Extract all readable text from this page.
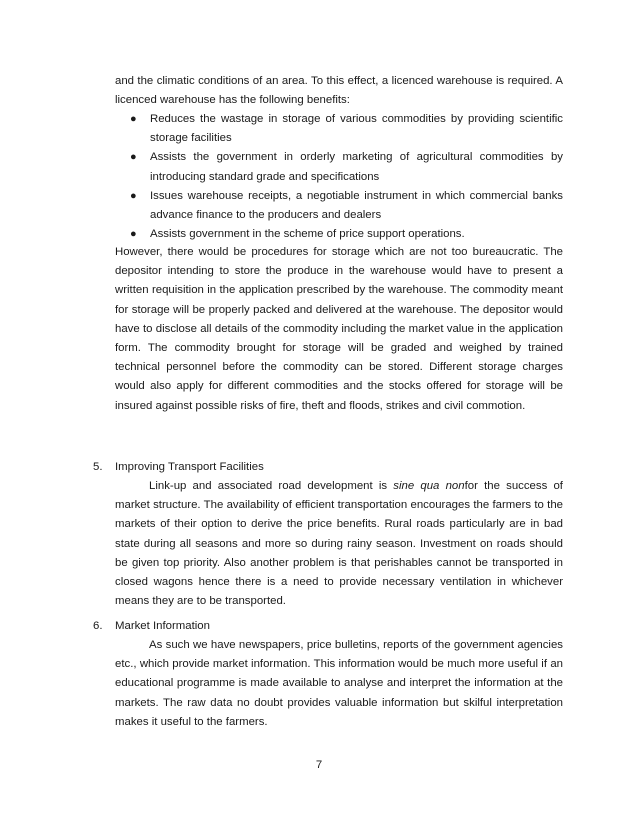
and the climatic conditions of an area. To this effect, a licenced warehouse is required. A licenced warehouse has the following benefits:

●	Reduces the wastage in storage of various commodities by providing scientific storage facilities
●	Assists the government in orderly marketing of agricultural commodities by introducing standard grade and specifications
●	Issues warehouse receipts, a negotiable instrument in which commercial banks advance finance to the producers and dealers
●	Assists government in the scheme of price support operations.

However, there would be procedures for storage which are not too bureaucratic. The depositor intending to store the produce in the warehouse would have to present a written requisition in the application prescribed by the warehouse. The commodity meant for storage will be properly packed and delivered at the warehouse. The depositor would have to disclose all details of the commodity including the market value in the application form. The commodity brought for storage will be graded and weighed by trained technical personnel before the commodity can be stored. Different storage charges would also apply for different commodities and the stocks offered for storage will be insured against possible risks of fire, theft and floods, strikes and civil commotion.

5. Improving Transport Facilities

Link-up and associated road development is sine qua nonfor the success of market structure. The availability of efficient transportation encourages the farmers to the markets of their option to derive the price benefits. Rural roads particularly are in bad state during all seasons and more so during rainy season. Investment on roads should be given top priority. Also another problem is that perishables cannot be transported in closed wagons hence there is a need to provide necessary ventilation in whichever means they are to be transported.

6. Market Information

As such we have newspapers, price bulletins, reports of the government agencies etc., which provide market information. This information would be much more useful if an educational programme is made available to analyse and interpret the information at the markets. The raw data no doubt provides valuable information but skilful interpretation makes it useful to the farmers.

7
